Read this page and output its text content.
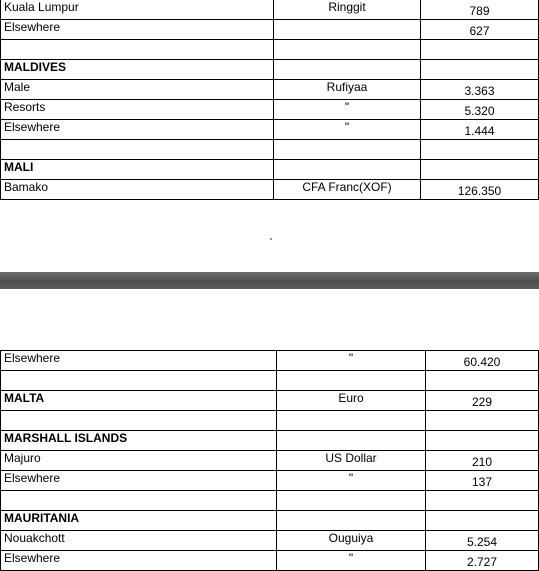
Kuala Lumpur	Ringgit	789
Elsewhere		627

MALDIVES		
Male	Rufiyaa	3.363
Resorts	"	5.320
Elsewhere	"	1.444

MALI		
Bamako	CFA Franc(XOF)	126.350
Elsewhere	"	60.420

MALTA	Euro	229

MARSHALL ISLANDS		
Majuro	US Dollar	210
Elsewhere	"	137

MAURITANIA		
Nouakchott	Ouguiya	5.254
Elsewhere	"	2.727
